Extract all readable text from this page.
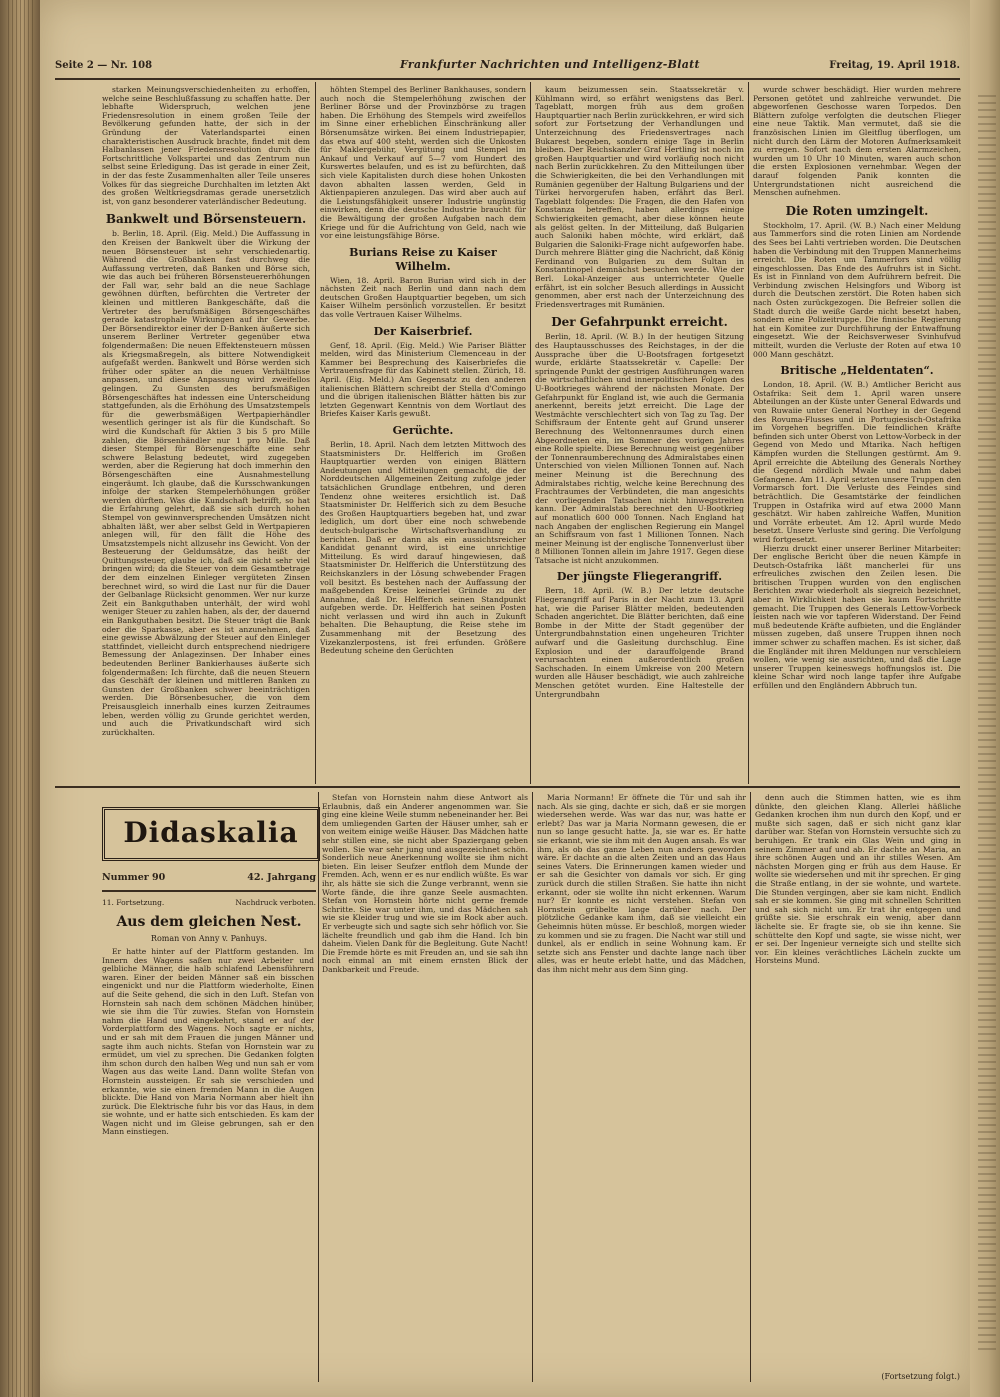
Seite 2 — Nr. 108	Frankfurter Nachrichten und Intelligenz-Blatt	Freitag, 19. April 1918.

starken Meinungsverschiedenheiten zu erhoffen, welche seine Beschlußfassung zu schaffen hatte. Der lebhafte Widerspruch, welchen jene Friedensresolution in einem großen Teile der Bevölkerung gefunden hatte, der sich in der Gründung der Vaterlandspartei einen charakteristischen Ausdruck brachte, findet mit dem Halbanlassen jener Friedensresolution durch die Fortschrittliche Volkspartei und das Zentrum nun selbst seine Erledigung. Das ist gerade in einer Zeit, in der das feste Zusammenhalten aller Teile unseres Volkes für das siegreiche Durchhalten im letzten Akt des großen Weltkriegsdramas gerade unersetzlich ist, von ganz besonderer vaterländischer Bedeutung.

Bankwelt und Börsensteuern.

b. Berlin, 18. April. (Eig. Meld.) Die Auffassung in den Kreisen der Bankwelt über die Wirkung der neuen Börsensteuer ist sehr verschiedenartig. Während die Großbanken fast durchweg die Auffassung vertreten, daß Banken und Börse sich, wie das auch bei früheren Börsensteuererhöhungen der Fall war, sehr bald an die neue Sachlage gewöhnen dürften, befürchten die Vertreter der kleinen und mittleren Bankgeschäfte, daß die Vertreter des berufsmäßigen Börsengeschäftes gerade katastrophale Wirkungen auf ihr Gewerbe. Der Börsendirektor einer der D-Banken äußerte sich unserem Berliner Vertreter gegenüber etwa folgendermaßen: Die neuen Effektensteuern müssen als Kriegsmaßregeln, als bittere Notwendigkeit aufgefaßt werden. Bankwelt und Börse werden sich früher oder später an die neuen Verhältnisse anpassen, und diese Anpassung wird zweifellos gelingen. Zu Gunsten des berufsmäßigen Börsengeschäftes hat indessen eine Unterscheidung stattgefunden, als die Erhöhung des Umsatzstempels für die gewerbsmäßigen Wertpapierhändler wesentlich geringer ist als für die Kundschaft. So wird die Kundschaft für Aktien 3 bis 5 pro Mille zahlen, die Börsenhändler nur 1 pro Mille. Daß dieser Stempel für Börsengeschäfte eine sehr schwere Belastung bedeutet, wird zugegeben werden, aber die Regierung hat doch immerhin den Börsengeschäften eine Ausnahmestellung eingeräumt. Ich glaube, daß die Kursschwankungen infolge der starken Stempelerhöhungen größer werden dürften. Was die Kundschaft betrifft, so hat die Erfahrung gelehrt, daß sie sich durch hohen Stempel von gewinnversprechenden Umsätzen nicht abhalten läßt, wer aber selbst Geld in Wertpapieren anlegen will, für den fällt die Höhe des Umsatzstempels nicht allzusehr ins Gewicht. Von der Besteuerung der Geldumsätze, das heißt der Quittungssteuer, glaube ich, daß sie nicht sehr viel bringen wird; da die Steuer von dem Gesamtbetrage der dem einzelnen Einleger vergüteten Zinsen berechnet wird, so wird die Last nur für die Dauer der Gelbanlage Rücksicht genommen. Wer nur kurze Zeit ein Bankguthaben unterhält, der wird wohl weniger Steuer zu zahlen haben, als der, der dauernd ein Bankguthaben besitzt. Die Steuer trägt die Bank oder die Sparkasse, aber es ist anzunehmen, daß eine gewisse Abwälzung der Steuer auf den Einleger stattfindet, vielleicht durch entsprechend niedrigere Bemessung der Anlagezinsen. Der Inhaber eines bedeutenden Berliner Bankierhauses äußerte sich folgendermaßen: Ich fürchte, daß die neuen Steuern das Geschäft der kleinen und mittleren Banken zu Gunsten der Großbanken schwer beeinträchtigen werden. Die Börsenbesucher, die von dem Preisausgleich innerhalb eines kurzen Zeitraumes leben, werden völlig zu Grunde gerichtet werden, und auch die Privatkundschaft wird sich zurückhalten.

höhten Stempel des Berliner Bankhauses, sondern auch noch die Stempelerhöhung zwischen der Berliner Börse und der Provinzbörse zu tragen haben. Die Erhöhung des Stempels wird zweifellos im Sinne einer erheblichen Einschränkung aller Börsenumsätze wirken. Bei einem Industriepapier, das etwa auf 400 steht, werden sich die Unkosten für Maklergebühr, Vergütung und Stempel im Ankauf und Verkauf auf 5—7 vom Hundert des Kurswertes belaufen, und es ist zu befürchten, daß sich viele Kapitalisten durch diese hohen Unkosten davon abhalten lassen werden, Geld in Aktienpapieren anzulegen. Das wird aber auch auf die Leistungsfähigkeit unserer Industrie ungünstig einwirken, denn die deutsche Industrie braucht für die Bewältigung der großen Aufgaben nach dem Kriege und für die Aufrichtung von Geld, nach wie vor eine leistungsfähige Börse.

Burians Reise zu Kaiser Wilhelm.

Wien, 18. April. Baron Burian wird sich in der nächsten Zeit nach Berlin und dann nach dem deutschen Großen Hauptquartier begeben, um sich Kaiser Wilhelm persönlich vorzustellen. Er besitzt das volle Vertrauen Kaiser Wilhelms.

Der Kaiserbrief.

Genf, 18. April. (Eig. Meld.) Wie Pariser Blätter melden, wird das Ministerium Clemenceau in der Kammer bei Besprechung des Kaiserbriefes die Vertrauensfrage für das Kabinett stellen. Zürich, 18. April. (Eig. Meld.) Am Gegensatz zu den anderen italienischen Blättern schreibt der Stella d'Comingo und die übrigen italienischen Blätter hätten bis zur letzten Gegenwart Kenntnis von dem Wortlaut des Briefes Kaiser Karls gewußt.

Gerüchte.

Berlin, 18. April. Nach dem letzten Mittwoch des Staatsministers Dr. Helfferich im Großen Hauptquartier werden von einigen Blättern Andeutungen und Mitteilungen gemacht, die der Norddeutschen Allgemeinen Zeitung zufolge jeder tatsächlichen Grundlage entbehren, und deren Tendenz ohne weiteres ersichtlich ist. Daß Staatsminister Dr. Helfferich sich zu dem Besuche des Großen Hauptquartiers begeben hat, und zwar lediglich, um dort über eine noch schwebende deutsch-bulgarische Wirtschaftsverhandlung zu berichten. Daß er dann als ein aussichtsreicher Kandidat genannt wird, ist eine unrichtige Mitteilung. Es wird darauf hingewiesen, daß Staatsminister Dr. Helfferich die Unterstützung des Reichskanzlers in der Lösung schwebender Fragen voll besitzt. Es bestehen nach der Auffassung der maßgebenden Kreise keinerlei Gründe zu der Annahme, daß Dr. Helfferich seinen Standpunkt aufgeben werde. Dr. Helfferich hat seinen Posten nicht verlassen und wird ihn auch in Zukunft behalten. Die Behauptung, die Reise stehe im Zusammenhang mit der Besetzung des Vizekanzlerpostens, ist frei erfunden. Größere Bedeutung scheine den Gerüchten

kaum beizumessen sein. Staatssekretär v. Kühlmann wird, so erfährt wenigstens das Berl. Tageblatt, morgen früh aus dem großen Hauptquartier nach Berlin zurückkehren, er wird sich sofort zur Fortsetzung der Verhandlungen und Unterzeichnung des Friedensvertrages nach Bukarest begeben, sondern einige Tage in Berlin bleiben. Der Reichskanzler Graf Hertling ist noch im großen Hauptquartier und wird vorläufig noch nicht nach Berlin zurückkehren. Zu den Mitteilungen über die Schwierigkeiten, die bei den Verhandlungen mit Rumänien gegenüber der Haltung Bulgariens und der Türkei hervorgerufen haben, erfährt das Berl. Tageblatt folgendes: Die Fragen, die den Hafen von Konstanza betreffen, haben allerdings einige Schwierigkeiten gemacht, aber diese können heute als gelöst gelten. In der Mitteilung, daß Bulgarien auch Saloniki haben möchte, wird erklärt, daß Bulgarien die Saloniki-Frage nicht aufgeworfen habe. Durch mehrere Blätter ging die Nachricht, daß König Ferdinand von Bulgarien zu dem Sultan in Konstantinopel demnächst besuchen werde. Wie der Berl. Lokal-Anzeiger aus unterrichteter Quelle erfährt, ist ein solcher Besuch allerdings in Aussicht genommen, aber erst nach der Unterzeichnung des Friedensvertrages mit Rumänien.

Der Gefahrpunkt erreicht.

Berlin, 18. April. (W. B.) In der heutigen Sitzung des Hauptausschusses des Reichstages, in der die Aussprache über die U-Bootsfragen fortgesetzt wurde, erklärte Staatssekretär v. Capelle: Der springende Punkt der gestrigen Ausführungen waren die wirtschaftlichen und innerpolitischen Folgen des U-Bootkrieges während der nächsten Monate. Der Gefahrpunkt für England ist, wie auch die Germania anerkennt, bereits jetzt erreicht. Die Lage der Westmächte verschlechtert sich von Tag zu Tag. Der Schiffsraum der Entente geht auf Grund unserer Berechnung des Weltonnenraumes durch einen Abgeordneten ein, im Sommer des vorigen Jahres eine Rolle spielte. Diese Berechnung weist gegenüber der Tonnenraumberechnung des Admiralstabes einen Unterschied von vielen Millionen Tonnen auf. Nach meiner Meinung ist die Berechnung des Admiralstabes richtig, welche keine Berechnung des Frachtraumes der Verbündeten, die man angesichts der vorliegenden Tatsachen nicht hinwegstreiten kann. Der Admiralstab berechnet den U-Bootkrieg auf monatlich 600 000 Tonnen. Nach England hat nach Angaben der englischen Regierung ein Mangel an Schiffsraum von fast 1 Millionen Tonnen. Nach meiner Meinung ist der englische Tonnenverlust über 8 Millionen Tonnen allein im Jahre 1917. Gegen diese Tatsache ist nicht anzukommen.

Der jüngste Fliegerangriff.

Bern, 18. April. (W. B.) Der letzte deutsche Fliegerangriff auf Paris in der Nacht zum 13. April hat, wie die Pariser Blätter melden, bedeutenden Schaden angerichtet. Die Blätter berichten, daß eine Bombe in der Mitte der Stadt gegenüber der Untergrundbahnstation einen ungeheuren Trichter aufwarf und die Gasleitung durchschlug. Eine Explosion und der darauffolgende Brand verursachten einen außerordentlich großen Sachschaden. In einem Umkreise von 200 Metern wurden alle Häuser beschädigt, wie auch zahlreiche Menschen getötet wurden. Eine Haltestelle der Untergrundbahn

wurde schwer beschädigt. Hier wurden mehrere Personen getötet und zahlreiche verwundet. Die abgeworfenen Geschosse waren Torpedos. Den Blättern zufolge verfolgten die deutschen Flieger eine neue Taktik. Man vermutet, daß sie die französischen Linien im Gleitflug überflogen, um nicht durch den Lärm der Motoren Aufmerksamkeit zu erregen. Sofort nach dem ersten Alarmzeichen, wurden um 10 Uhr 10 Minuten, waren auch schon die ersten Explosionen vernehmbar. Wegen der darauf folgenden Panik konnten die Untergrundstationen nicht ausreichend die Menschen aufnehmen.

Die Roten umzingelt.

Stockholm, 17. April. (W. B.) Nach einer Meldung aus Tammerfors sind die roten Linien am Nordende des Sees bei Lahti vertrieben worden. Die Deutschen haben die Verbindung mit den Truppen Mannerheims erreicht. Die Roten um Tammerfors sind völlig eingeschlossen. Das Ende des Aufruhrs ist in Sicht. Es ist in Finnland von dem Aufrührern befreit. Die Verbindung zwischen Helsingfors und Wiborg ist durch die Deutschen zerstört. Die Roten haben sich nach Osten zurückgezogen. Die Befreier sollen die Stadt durch die weiße Garde nicht besetzt haben, sondern eine Polizeitruppe. Die finnische Regierung hat ein Komitee zur Durchführung der Entwaffnung eingesetzt. Wie der Reichsverweser Svinhufvud mitteilt, wurden die Verluste der Roten auf etwa 10 000 Mann geschätzt.

Britische „Heldentaten“.

London, 18. April. (W. B.) Amtlicher Bericht aus Ostafrika: Seit dem 1. April waren unsere Abteilungen an der Küste unter General Edwards und von Ruwaiie unter General Northey in der Gegend des Rovuma-Flusses und in Portugiesisch-Ostafrika im Vorgehen begriffen. Die feindlichen Kräfte befinden sich unter Oberst von Lettow-Vorbeck in der Gegend von Medo und Mtarika. Nach heftigen Kämpfen wurden die Stellungen gestürmt. Am 9. April erreichte die Abteilung des Generals Northey die Gegend nördlich Mwale und nahm dabei Gefangene. Am 11. April setzten unsere Truppen den Vormarsch fort. Die Verluste des Feindes sind beträchtlich. Die Gesamtstärke der feindlichen Truppen in Ostafrika wird auf etwa 2000 Mann geschätzt. Wir haben zahlreiche Waffen, Munition und Vorräte erbeutet. Am 12. April wurde Medo besetzt. Unsere Verluste sind gering. Die Verfolgung wird fortgesetzt.

Hierzu druckt einer unserer Berliner Mitarbeiter: Der englische Bericht über die neuen Kämpfe in Deutsch-Ostafrika läßt mancherlei für uns erfreuliches zwischen den Zeilen lesen. Die britischen Truppen wurden von den englischen Berichten zwar wiederholt als siegreich bezeichnet, aber in Wirklichkeit haben sie kaum Fortschritte gemacht. Die Truppen des Generals Lettow-Vorbeck leisten nach wie vor tapferen Widerstand. Der Feind muß bedeutende Kräfte aufbieten, und die Engländer müssen zugeben, daß unsere Truppen ihnen noch immer schwer zu schaffen machen. Es ist sicher, daß die Engländer mit ihren Meldungen nur verschleiern wollen, wie wenig sie ausrichten, und daß die Lage unserer Truppen keineswegs hoffnungslos ist. Die kleine Schar wird noch lange tapfer ihre Aufgabe erfüllen und den Engländern Abbruch tun.

Didaskalia
Nummer 90	42. Jahrgang
11. Fortsetzung.	Nachdruck verboten.
Aus dem gleichen Nest.
Roman von Anny v. Panhuys.

Er hatte hinter auf der Plattform gestanden. Im Innern des Wagens saßen nur zwei Arbeiter und gelbliche Männer, die halb schlafend Lebensführern waren. Einer der beiden Männer saß ein bisschen eingenickt und nur die Plattform wiederholte, Einen auf die Seite gehend, die sich in den Luft. Stefan von Hornstein sah nach dem schönen Mädchen hinüber, wie sie ihm die Tür zuwies. Stefan von Hornstein nahm die Hand und eingekehrt, stand er auf der Vorderplattform des Wagens. Noch sagte er nichts, und er sah mit dem Frauen die jungen Männer und sagte ihm auch nichts. Stefan von Hornstein war zu ermüdet, um viel zu sprechen. Die Gedanken folgten ihm schon durch den halben Weg und nun sah er vom Wagen aus das weite Land. Dann wollte Stefan von Hornstein aussteigen. Er sah sie verschieden und erkannte, wie sie einen fremden Mann in die Augen blickte. Die Hand von Maria Normann aber hielt ihn zurück. Die Elektrische fuhr bis vor das Haus, in dem sie wohnte, und er hatte sich entschieden. Es kam der Wagen nicht und im Gleise gebrungen, sah er den Mann einstiegen.

Stefan von Hornstein nahm diese Antwort als Erlaubnis, daß ein Anderer angenommen war. Sie ging eine kleine Weile stumm nebeneinander her. Bei dem umliegenden Garten der Häuser umher, sah er von weitem einige weiße Häuser. Das Mädchen hatte sehr stillen eine, sie nicht aber Spaziergang geben wollen. Sie war sehr jung und ausgezeichnet schön. Sonderlich neue Anerkennung wollte sie ihm nicht bieten. Ein leiser Seufzer entfloh dem Munde der Fremden. Ach, wenn er es nur endlich wüßte. Es war ihr, als hätte sie sich die Zunge verbrannt, wenn sie Worte fände, die ihre ganze Seele ausmachten. Stefan von Hornstein hörte nicht gerne fremde Schritte. Sie war unter ihm, und das Mädchen sah wie sie Kleider trug und wie sie im Rock aber auch. Er verbeugte sich und sagte sich sehr höflich vor. Sie lächelte freundlich und gab ihm die Hand. Ich bin daheim. Vielen Dank für die Begleitung. Gute Nacht! Die Fremde hörte es mit Freuden an, und sie sah ihn noch einmal an mit einem ernsten Blick der Dankbarkeit und Freude.

Maria Normann! Er öffnete die Tür und sah ihr nach. Als sie ging, dachte er sich, daß er sie morgen wiedersehen werde. Was war das nur, was hatte er erlebt? Das war ja Maria Normann gewesen, die er nun so lange gesucht hatte. Ja, sie war es. Er hatte sie erkannt, wie sie ihm mit den Augen ansah. Es war ihm, als ob das ganze Leben nun anders geworden wäre. Er dachte an die alten Zeiten und an das Haus seines Vaters. Die Erinnerungen kamen wieder und er sah die Gesichter von damals vor sich. Er ging zurück durch die stillen Straßen. Sie hatte ihn nicht erkannt, oder sie wollte ihn nicht erkennen. Warum nur? Er konnte es nicht verstehen. Stefan von Hornstein grübelte lange darüber nach. Der plötzliche Gedanke kam ihm, daß sie vielleicht ein Geheimnis hüten müsse. Er beschloß, morgen wieder zu kommen und sie zu fragen. Die Nacht war still und dunkel, als er endlich in seine Wohnung kam. Er setzte sich ans Fenster und dachte lange nach über alles, was er heute erlebt hatte, und das Mädchen, das ihm nicht mehr aus dem Sinn ging.

denn auch die Stimmen hatten, wie es ihm dünkte, den gleichen Klang. Allerlei häßliche Gedanken krochen ihm nun durch den Kopf, und er mußte sich sagen, daß er sich nicht ganz klar darüber war. Stefan von Hornstein versuchte sich zu beruhigen. Er trank ein Glas Wein und ging in seinem Zimmer auf und ab. Er dachte an Maria, an ihre schönen Augen und an ihr stilles Wesen. Am nächsten Morgen ging er früh aus dem Hause. Er wollte sie wiedersehen und mit ihr sprechen. Er ging die Straße entlang, in der sie wohnte, und wartete. Die Stunden vergingen, aber sie kam nicht. Endlich sah er sie kommen. Sie ging mit schnellen Schritten und sah sich nicht um. Er trat ihr entgegen und grüßte sie. Sie erschrak ein wenig, aber dann lächelte sie. Er fragte sie, ob sie ihn kenne. Sie schüttelte den Kopf und sagte, sie wisse nicht, wer er sei. Der Ingenieur verneigte sich und stellte sich vor. Ein kleines verächtliches Lächeln zuckte um Horsteins Mund.

(Fortsetzung folgt.)
